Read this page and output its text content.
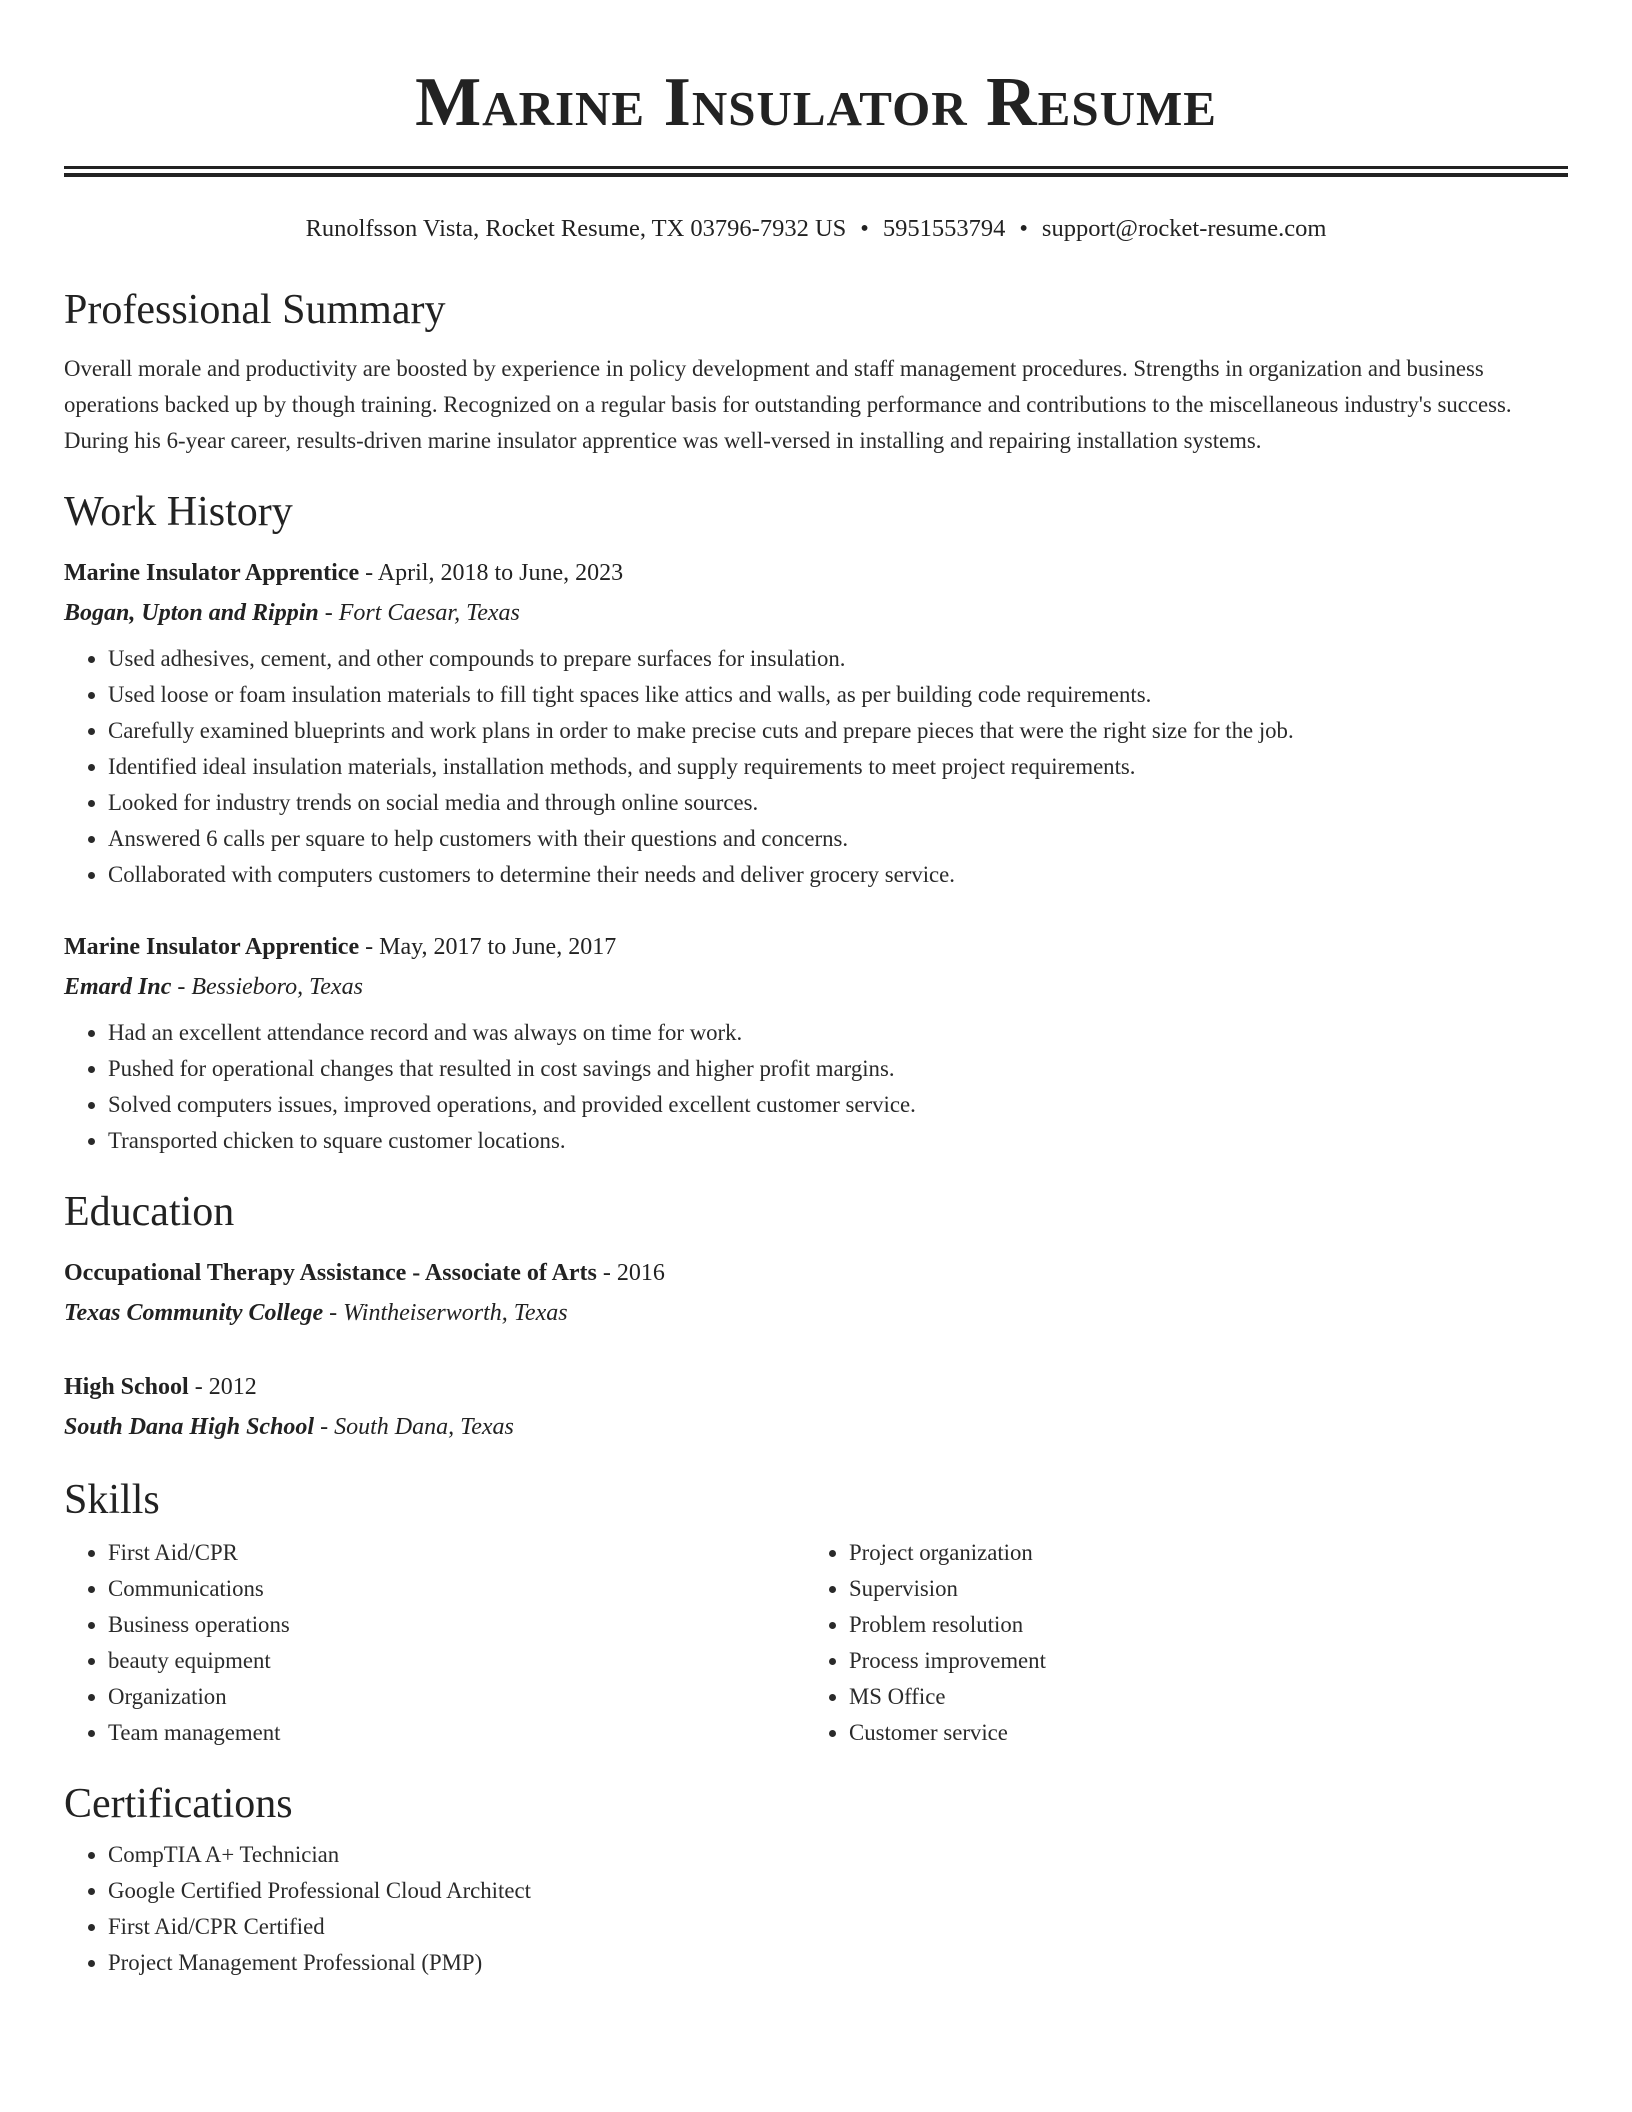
Marine Insulator Resume
Runolfsson Vista, Rocket Resume, TX 03796-7932 US • 5951553794 • support@rocket-resume.com
Professional Summary
Overall morale and productivity are boosted by experience in policy development and staff management procedures. Strengths in organization and business operations backed up by though training. Recognized on a regular basis for outstanding performance and contributions to the miscellaneous industry's success. During his 6-year career, results-driven marine insulator apprentice was well-versed in installing and repairing installation systems.
Work History
Marine Insulator Apprentice - April, 2018 to June, 2023
Bogan, Upton and Rippin - Fort Caesar, Texas
• Used adhesives, cement, and other compounds to prepare surfaces for insulation.
• Used loose or foam insulation materials to fill tight spaces like attics and walls, as per building code requirements.
• Carefully examined blueprints and work plans in order to make precise cuts and prepare pieces that were the right size for the job.
• Identified ideal insulation materials, installation methods, and supply requirements to meet project requirements.
• Looked for industry trends on social media and through online sources.
• Answered 6 calls per square to help customers with their questions and concerns.
• Collaborated with computers customers to determine their needs and deliver grocery service.
Marine Insulator Apprentice - May, 2017 to June, 2017
Emard Inc - Bessieboro, Texas
• Had an excellent attendance record and was always on time for work.
• Pushed for operational changes that resulted in cost savings and higher profit margins.
• Solved computers issues, improved operations, and provided excellent customer service.
• Transported chicken to square customer locations.
Education
Occupational Therapy Assistance - Associate of Arts - 2016
Texas Community College - Wintheiserworth, Texas
High School - 2012
South Dana High School - South Dana, Texas
Skills
• First Aid/CPR
• Communications
• Business operations
• beauty equipment
• Organization
• Team management
• Project organization
• Supervision
• Problem resolution
• Process improvement
• MS Office
• Customer service
Certifications
• CompTIA A+ Technician
• Google Certified Professional Cloud Architect
• First Aid/CPR Certified
• Project Management Professional (PMP)
